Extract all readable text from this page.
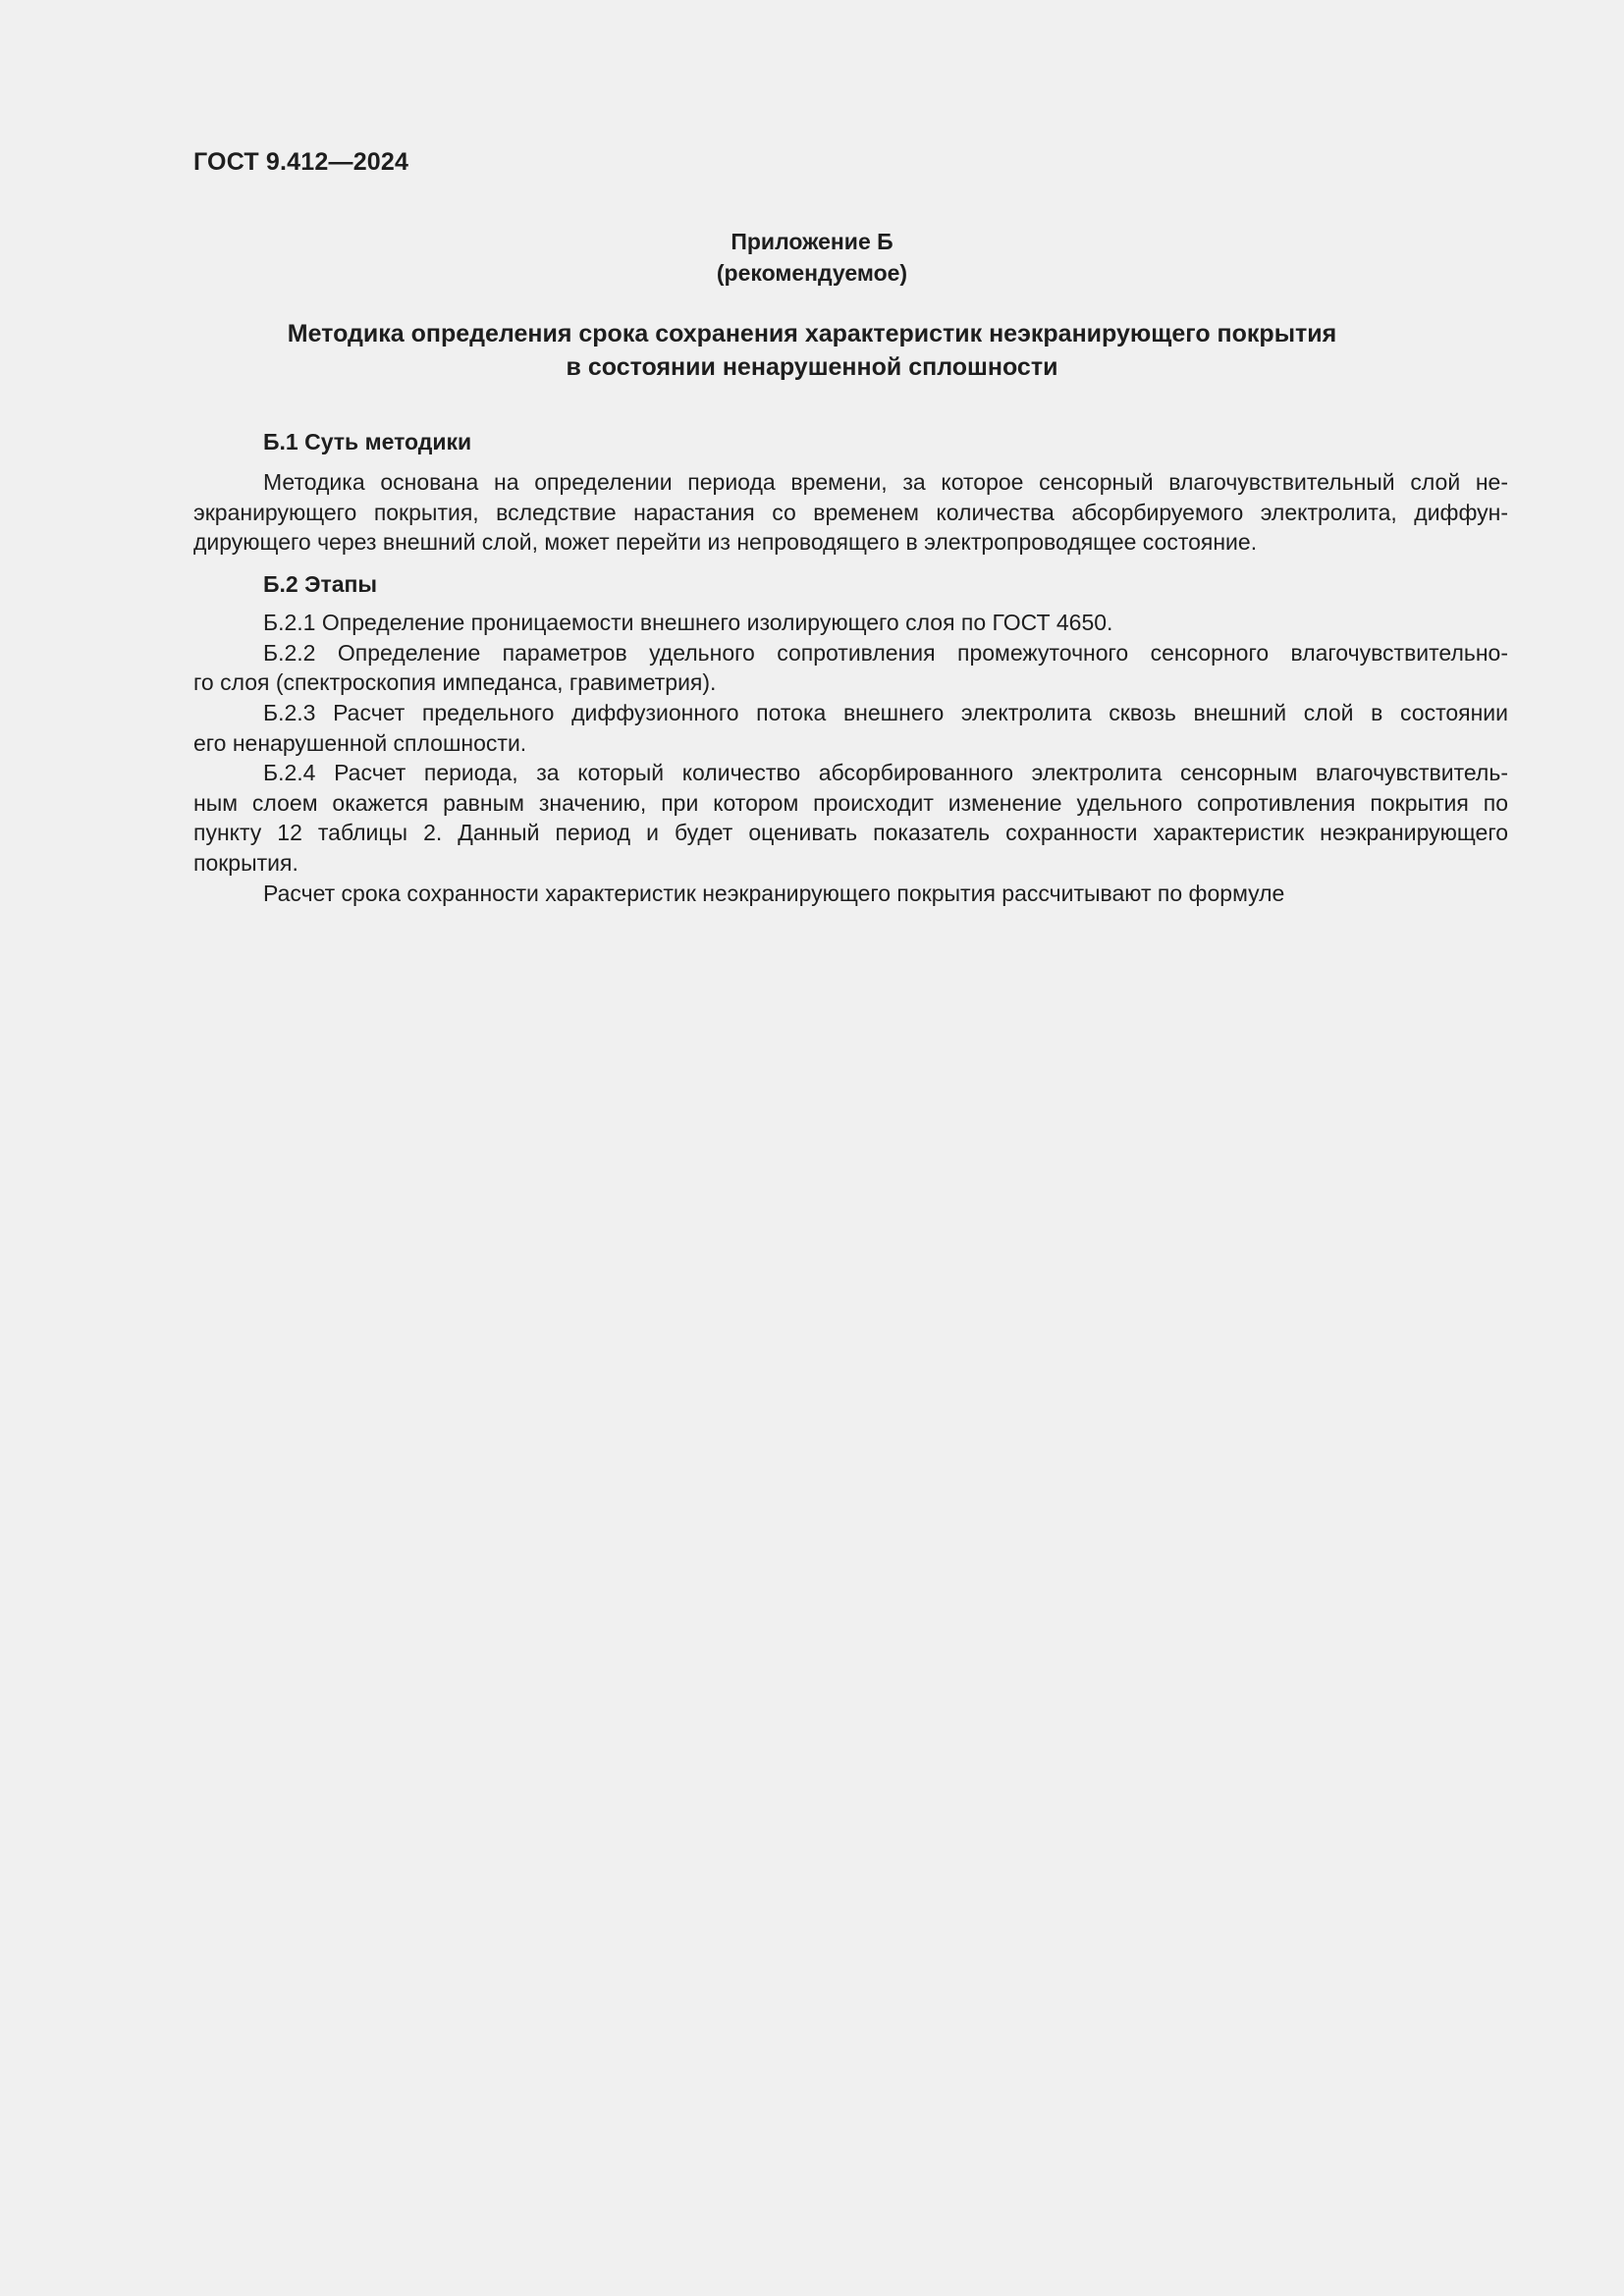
ГОСТ 9.412—2024
Приложение Б
(рекомендуемое)
Методика определения срока сохранения характеристик неэкранирующего покрытия
в состоянии ненарушенной сплошности
Б.1 Суть методики
Методика основана на определении периода времени, за которое сенсорный влагочувствительный слой не-
экранирующего покрытия, вследствие нарастания со временем количества абсорбируемого электролита, диффун-
дирующего через внешний слой, может перейти из непроводящего в электропроводящее состояние.
Б.2 Этапы
Б.2.1 Определение проницаемости внешнего изолирующего слоя по ГОСТ 4650.
Б.2.2 Определение параметров удельного сопротивления промежуточного сенсорного влагочувствительно-
го слоя (спектроскопия импеданса, гравиметрия).
Б.2.3 Расчет предельного диффузионного потока внешнего электролита сквозь внешний слой в состоянии
его ненарушенной сплошности.
Б.2.4 Расчет периода, за который количество абсорбированного электролита сенсорным влагочувствитель-
ным слоем окажется равным значению, при котором происходит изменение удельного сопротивления покрытия по
пункту 12 таблицы 2. Данный период и будет оценивать показатель сохранности характеристик неэкранирующего
покрытия.
Расчет срока сохранности характеристик неэкранирующего покрытия рассчитывают по формуле
